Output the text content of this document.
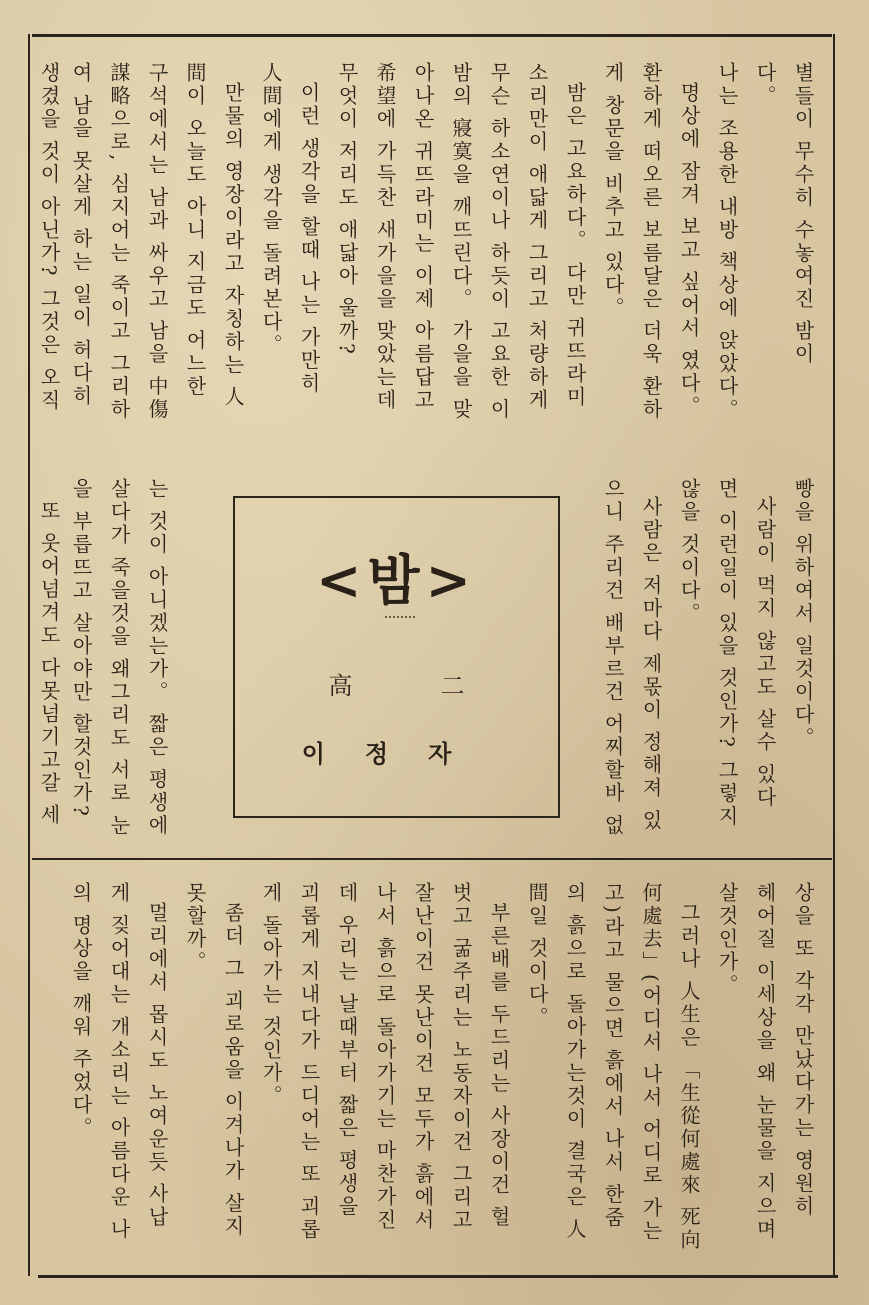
별들이 무수히 수놓여진 밤이
다。
나는 조용한 내방 책상에 앉았다。
명상에 잠겨 보고 싶어서 였다。
환하게 떠오른 보름달은 더욱 환하
게 창문을 비추고 있다。
밤은 고요하다。 다만 귀뜨라미
소리만이 애닯게 그리고 처량하게
무슨 하소연이나 하듯이 고요한 이
밤의 寢寞을 깨뜨린다。 가을을 맞
아나온 귀뜨라미는 이제 아름답고
希望에 가득찬 새가을을 맞았는데
무엇이 저리도 애닯아 울까?
이런 생각을 할때 나는 가만히
人間에게 생각을 돌려본다。
만물의 영장이라고 자칭하는 人
間이 오늘도 아니 지금도 어느한
구석에서는 남과 싸우고 남을 中傷
謀略으로, 심지어는 죽이고 그리하
여 남을 못살게 하는 일이 허다히
생겼을 것이 아닌가? 그것은 오직
빵을 위하여서 일것이다。
사람이 먹지 않고도 살수 있다
면 이런일이 있을 것인가? 그렇지
않을 것이다。
사람은 저마다 제몫이 정해져 있
으니 주리건 배부르건 어찌할바 없
는 것이 아니겠는가。 짧은 평생에
살다가 죽을것을 왜그리도 서로 눈
을 부릅뜨고 살아야만 할것인가?
또 웃어넘겨도 다못넘기고갈 세	<밤>
高	二
이정자
상을 또 각각 만났다가는 영원히
헤어질 이세상을 왜 눈물을 지으며
살것인가。
그러나 人生은 「生從何處來 死向
何處去」(어디서 나서 어디로 가는
고)라고 물으면 흙에서 나서 한줌
의 흙으로 돌아가는것이 결국은 人
間일 것이다。
부른배를 두드리는 사장이건 헐
벗고 굶주리는 노동자이건 그리고
잘난이건 못난이건 모두가 흙에서
나서 흙으로 돌아가기는 마찬가진
데 우리는 날때부터 짧은 평생을
괴롭게 지내다가 드디어는 또 괴롭
게 돌아가는 것인가。
좀더 그 괴로움을 이겨나가 살지
못할까。
멀리에서 몹시도 노여운듯 사납
게 짖어대는 개소리는 아름다운 나
의 명상을 깨워 주었다。
